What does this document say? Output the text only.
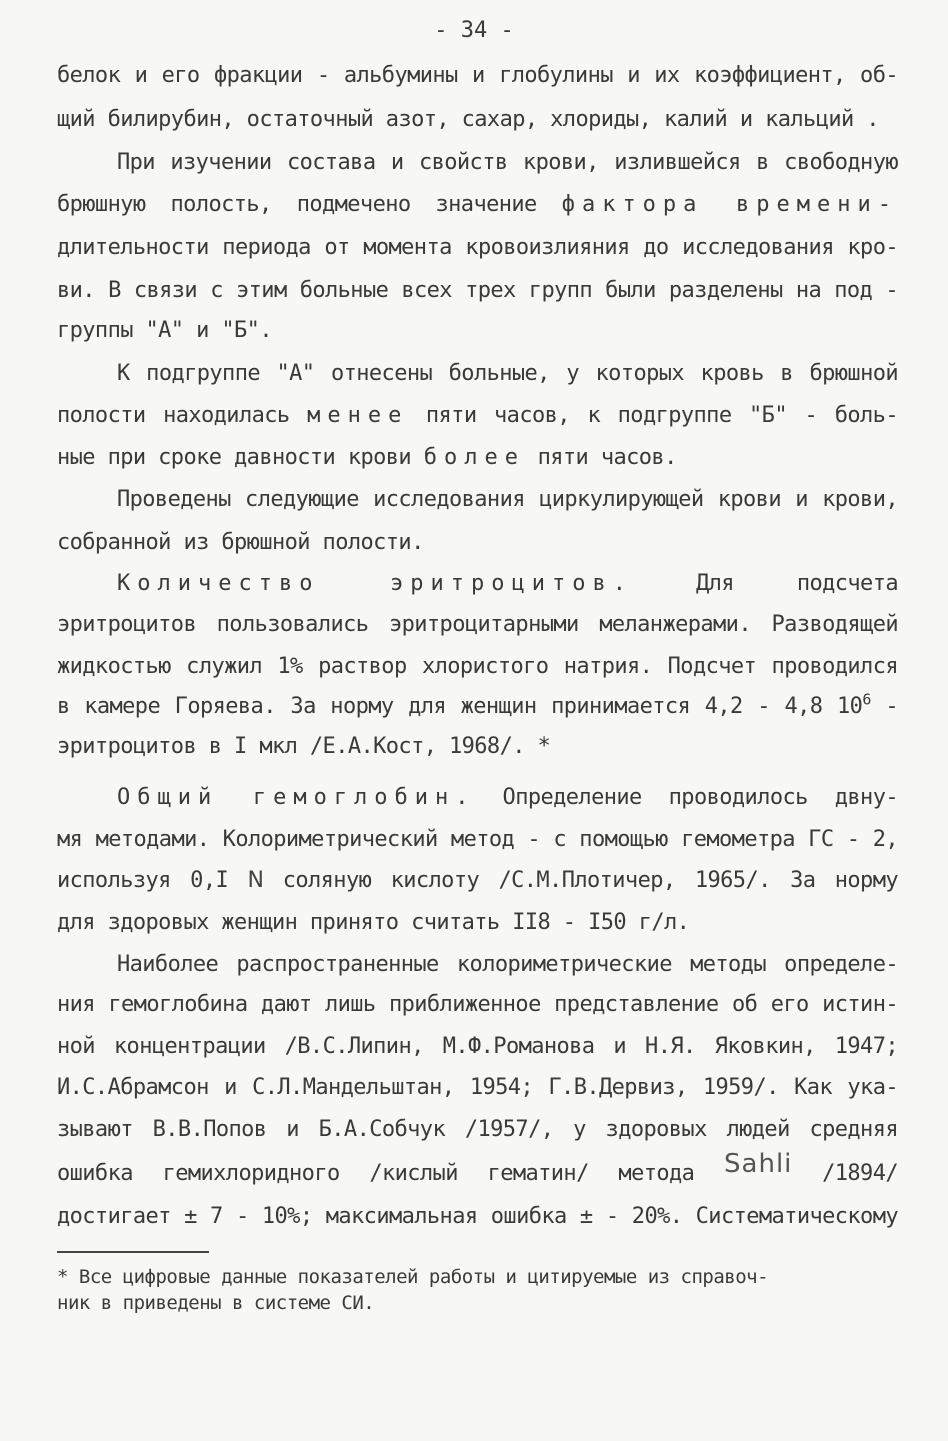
- 34 -
белок и его фракции - альбумины и глобулины и их коэффициент, об-
щий билирубин, остаточный азот, сахар, хлориды, калий и кальций .
При изучении состава и свойств крови, излившейся в свободную
брюшную полость, подмечено значение фактора времени-
длительности периода от момента кровоизлияния до исследования кро-
ви. В связи с этим больные всех трех групп были разделены на под -
группы "А" и "Б".
К подгруппе "А" отнесены больные, у которых кровь в брюшной
полости находилась менее пяти часов, к подгруппе "Б" - боль-
ные при сроке давности крови более пяти часов.
Проведены следующие исследования циркулирующей крови и крови,
собранной из брюшной полости.
Количество эритроцитов.	Для подсчета
эритроцитов пользовались эритроцитарными меланжерами. Разводящей
жидкостью служил 1% раствор хлористого натрия. Подсчет проводился
в камере Горяева. За норму для женщин принимается 4,2 - 4,8 $10^6$ -
эритроцитов в I мкл /Е.А.Кост, 1968/. *
Общий гемоглобин. Определение проводилось двну-
мя методами. Колориметрический метод - с помощью гемометра ГС - 2,
используя 0,I N соляную кислоту /С.М.Плотичер, 1965/. За норму
для здоровых женщин принято считать II8 - I50 г/л.
Наиболее распространенные колориметрические методы определе-
ния гемоглобина дают лишь приближенное представление об его истин-
ной концентрации /В.С.Липин, М.Ф.Романова и Н.Я. Яковкин, 1947;
И.С.Абрамсон и С.Л.Мандельштан, 1954; Г.В.Дервиз, 1959/. Как ука-
зывают В.В.Попов и Б.А.Собчук /1957/, у здоровых людей средняя
ошибка гемихлоридного /кислый гематин/ метода Sahli /1894/
достигает ± 7 - 10%; максимальная ошибка ± - 20%. Систематическому
* Все цифровые данные показателей работы и цитируемые из справоч-
ник в приведены в системе СИ.
